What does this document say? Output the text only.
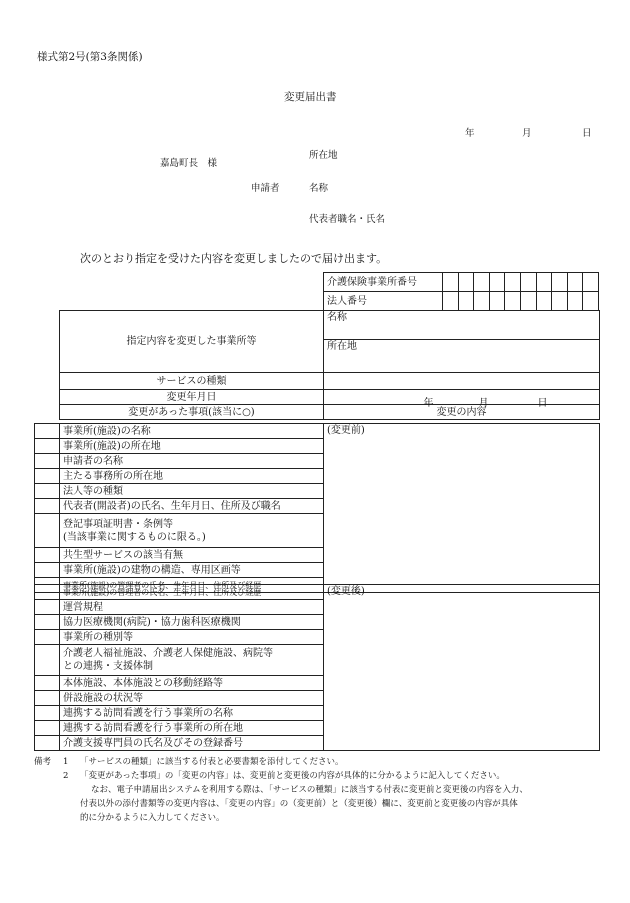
様式第2号(第3条関係)
変更届出書
年	月	日
所在地
嘉島町長　様
申請者	名称
代表者職名・氏名
次のとおり指定を受けた内容を変更しましたので届け出ます。
介護保険事業所番号										
法人番号										
指定内容を変更した事業所等	名称
	所在地
サービスの種類	
変更年月日	年 月 日

変更があった事項(該当に○)	変更の内容
	事業所(施設)の名称	(変更前)
	事業所(施設)の所在地	
	申請者の名称	
	主たる事務所の所在地	
	法人等の種類	
	代表者(開設者)の氏名、生年月日、住所及び職名	

	登記事項証明書・条例等
(当該事業に関するものに限る。)	

	共生型サービスの該当有無	
	事業所(施設)の建物の構造、専用区画等	
	事業所(施設)の管理者の氏名、生年月日、住所及び経歴	
	事業所(施設)の管理者の氏名、生年月日、住所及び経歴	(変更後)
	運営規程	
	協力医療機関(病院)・協力歯科医療機関	
	事業所の種別等	

	介護老人福祉施設、介護老人保健施設、病院等
との連携・支援体制	

	本体施設、本体施設との移動経路等	
	併設施設の状況等	
	連携する訪問看護を行う事業所の名称	
	連携する訪問看護を行う事業所の所在地	
	介護支援専門員の氏名及びその登録番号	
備考 1 「サービスの種類」に該当する付表と必要書類を添付してください。
2 「変更があった事項」の「変更の内容」は、変更前と変更後の内容が具体的に分かるように記入してください。
なお、電子申請届出システムを利用する際は、「サービスの種類」に該当する付表に変更前と変更後の内容を入力、
付表以外の添付書類等の変更内容は、「変更の内容」の（変更前）と（変更後）欄に、変更前と変更後の内容が具体
的に分かるように入力してください。
